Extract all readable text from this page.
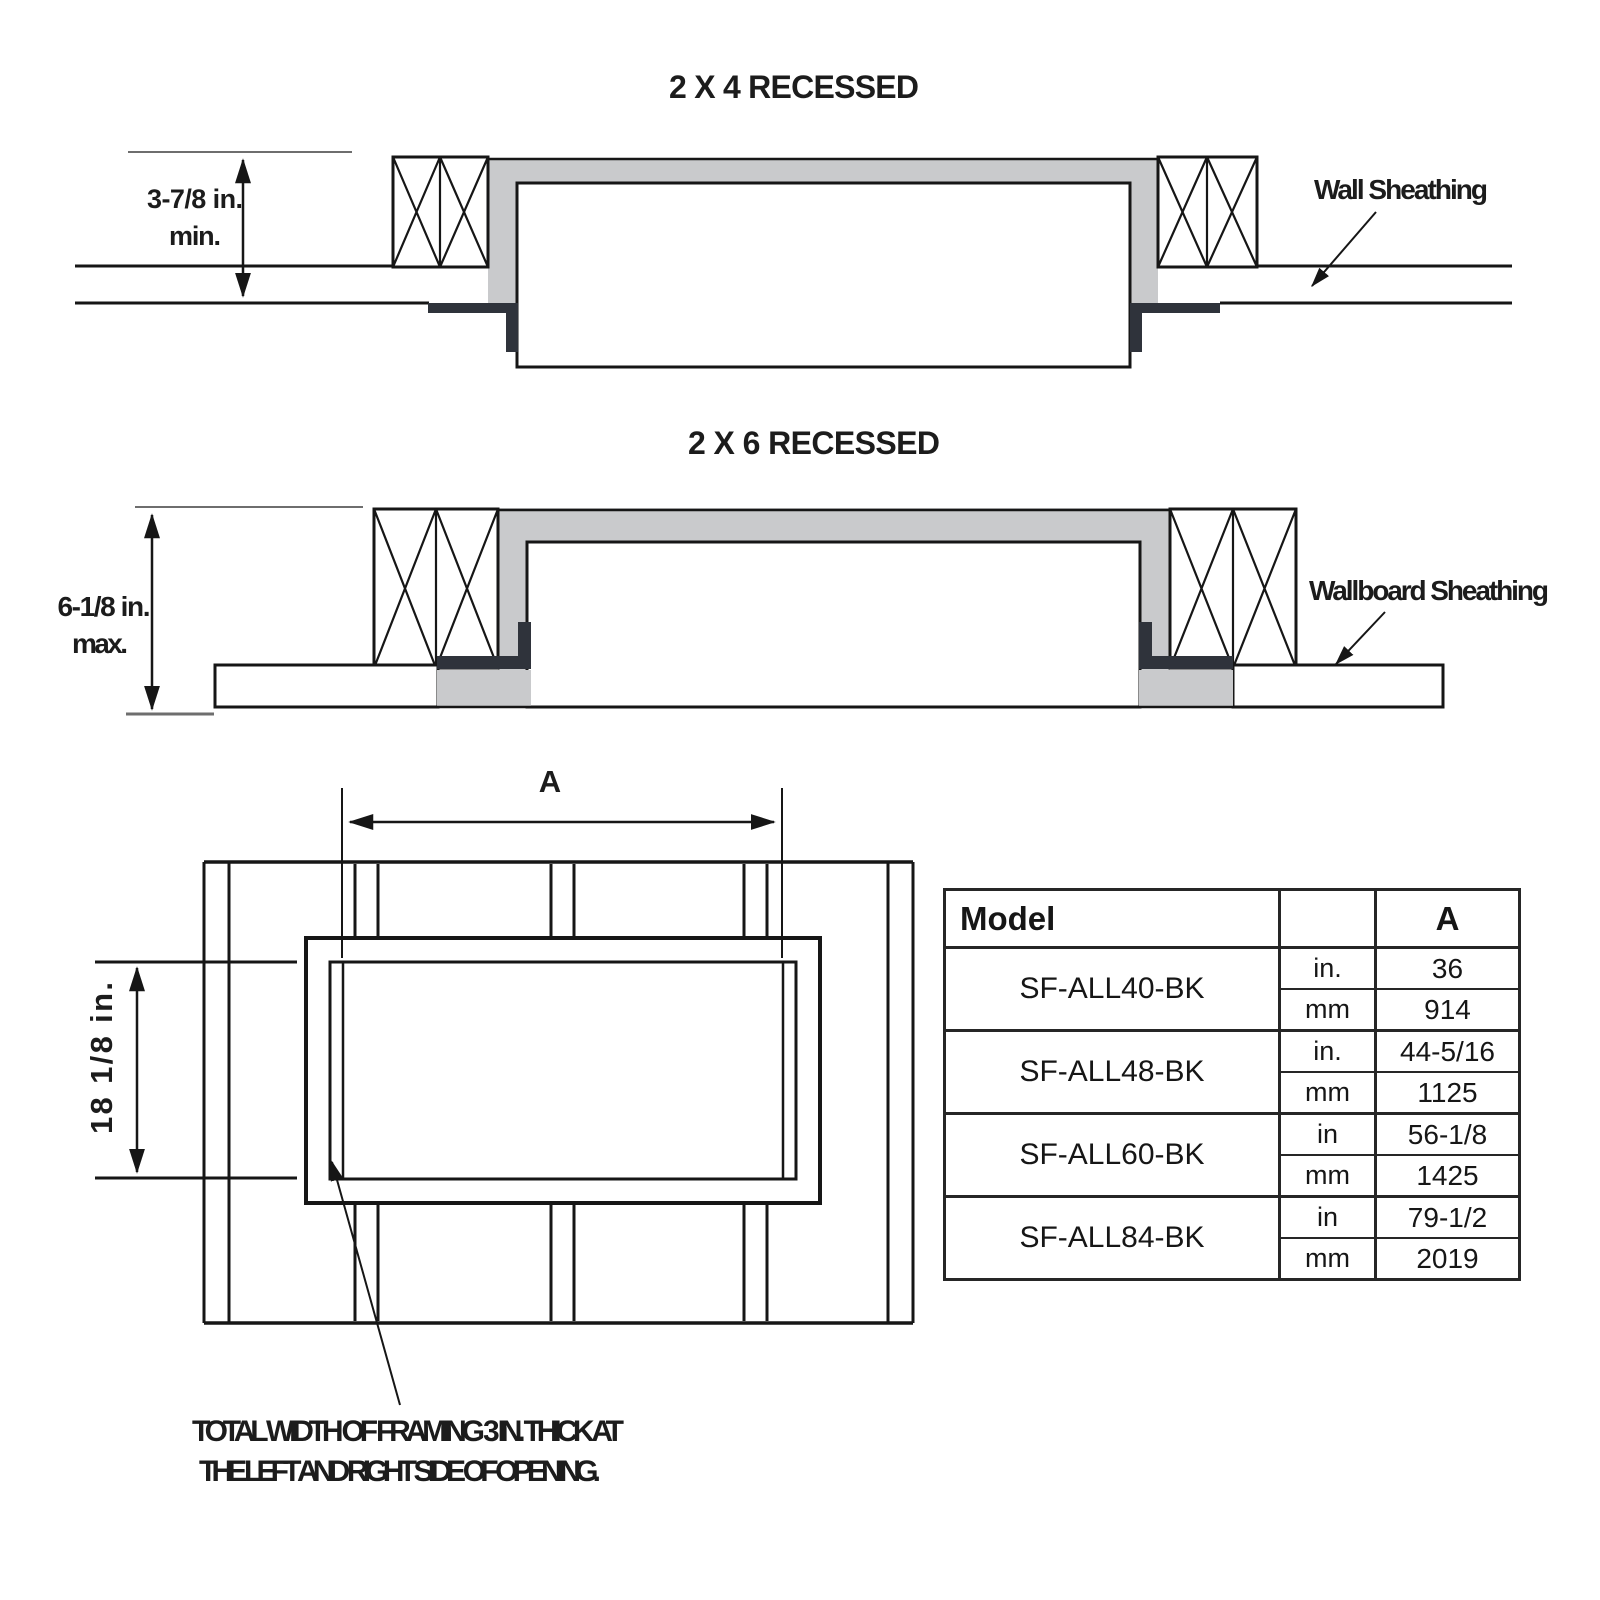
2 X 4 RECESSED
3-7/8 in.
min.
Wall Sheathing
2 X 6 RECESSED
6-1/8 in.
max.
Wallboard Sheathing
A
18 1/8 in.
TOTAL WIDTH OF FRAMING 3 IN. THICK AT
THE LEFT AND RIGHT SIDE OF OPENING.
Model		A
SF-ALL40-BK	in.	36
	mm	914
SF-ALL48-BK	in.	44-5/16
	mm	1125
SF-ALL60-BK	in	56-1/8
	mm	1425
SF-ALL84-BK	in	79-1/2
	mm	2019
